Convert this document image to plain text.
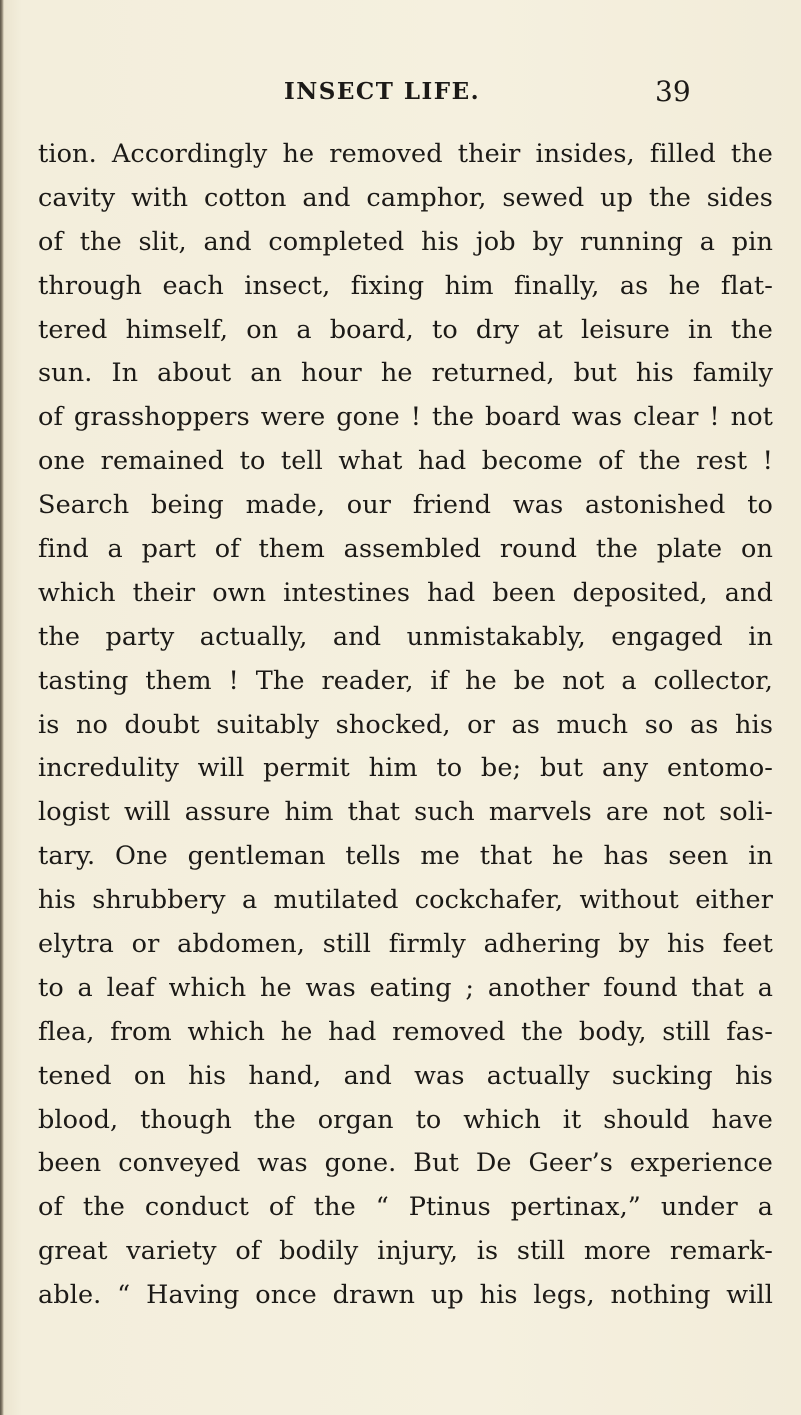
INSECT LIFE.	39
tion. Accordingly he removed their insides, filled the
cavity with cotton and camphor, sewed up the sides
of the slit, and completed his job by running a pin
through each insect, fixing him finally, as he flat-
tered himself, on a board, to dry at leisure in the
sun. In about an hour he returned, but his family
of grasshoppers were gone ! the board was clear ! not
one remained to tell what had become of the rest !
Search being made, our friend was astonished to
find a part of them assembled round the plate on
which their own intestines had been deposited, and
the party actually, and unmistakably, engaged in
tasting them ! The reader, if he be not a collector,
is no doubt suitably shocked, or as much so as his
incredulity will permit him to be; but any entomo-
logist will assure him that such marvels are not soli-
tary. One gentleman tells me that he has seen in
his shrubbery a mutilated cockchafer, without either
elytra or abdomen, still firmly adhering by his feet
to a leaf which he was eating ; another found that a
flea, from which he had removed the body, still fas-
tened on his hand, and was actually sucking his
blood, though the organ to which it should have
been conveyed was gone. But De Geer’s experience
of the conduct of the “ Ptinus pertinax,” under a
great variety of bodily injury, is still more remark-
able. “ Having once drawn up his legs, nothing will
